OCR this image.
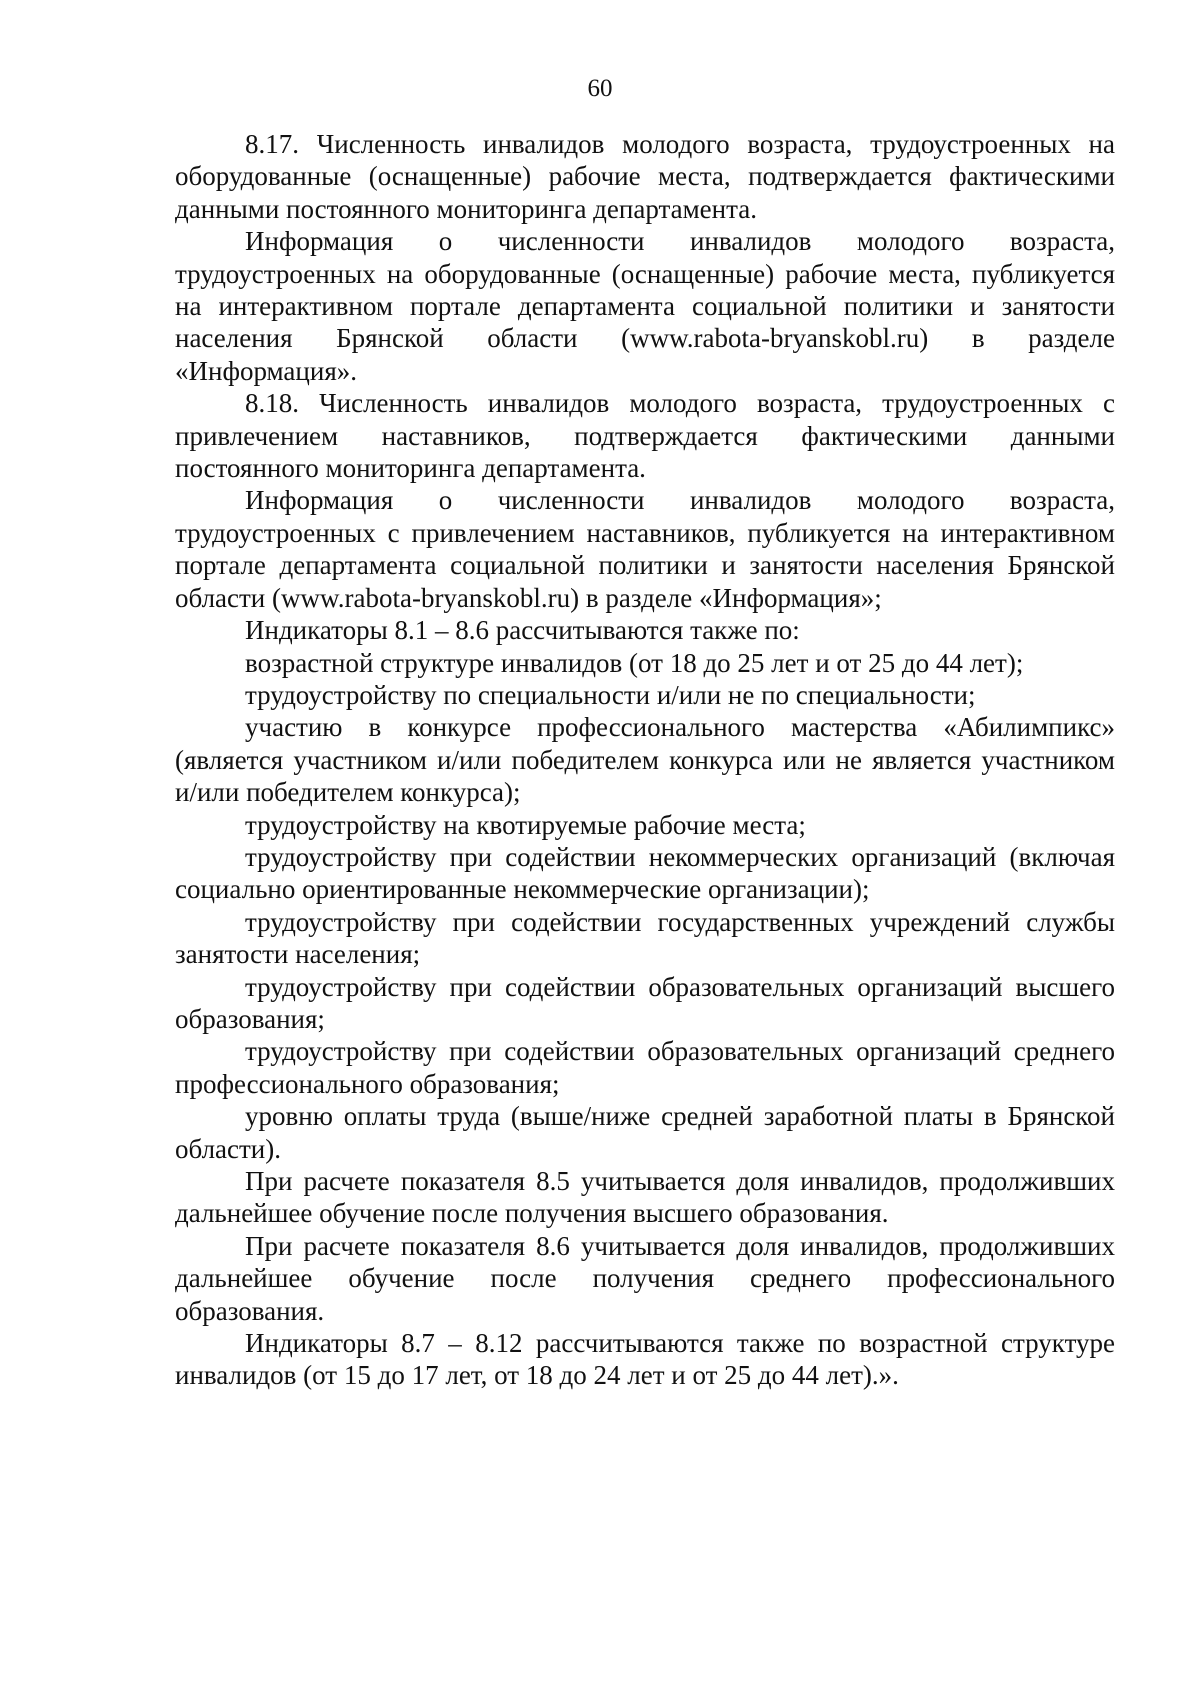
60

8.17. Численность инвалидов молодого возраста, трудоустроенных на оборудованные (оснащенные) рабочие места, подтверждается фактическими данными постоянного мониторинга департамента.

Информация о численности инвалидов молодого возраста, трудоустроенных на оборудованные (оснащенные) рабочие места, публикуется на интерактивном портале департамента социальной политики и занятости населения Брянской области (www.rabota-bryanskobl.ru) в разделе «Информация».

8.18. Численность инвалидов молодого возраста, трудоустроенных с привлечением наставников, подтверждается фактическими данными постоянного мониторинга департамента.

Информация о численности инвалидов молодого возраста, трудоустроенных с привлечением наставников, публикуется на интерактивном портале департамента социальной политики и занятости населения Брянской области (www.rabota-bryanskobl.ru) в разделе «Информация»;

Индикаторы 8.1 – 8.6 рассчитываются также по:

возрастной структуре инвалидов (от 18 до 25 лет и от 25 до 44 лет);

трудоустройству по специальности и/или не по специальности;

участию в конкурсе профессионального мастерства «Абилимпикс» (является участником и/или победителем конкурса или не является участником и/или победителем конкурса);

трудоустройству на квотируемые рабочие места;

трудоустройству при содействии некоммерческих организаций (включая социально ориентированные некоммерческие организации);

трудоустройству при содействии государственных учреждений службы занятости населения;

трудоустройству при содействии образовательных организаций высшего образования;

трудоустройству при содействии образовательных организаций среднего профессионального образования;

уровню оплаты труда (выше/ниже средней заработной платы в Брянской области).

При расчете показателя 8.5 учитывается доля инвалидов, продолживших дальнейшее обучение после получения высшего образования.

При расчете показателя 8.6 учитывается доля инвалидов, продолживших дальнейшее обучение после получения среднего профессионального образования.

Индикаторы 8.7 – 8.12 рассчитываются также по возрастной структуре инвалидов (от 15 до 17 лет, от 18 до 24 лет и от 25 до 44 лет).».
